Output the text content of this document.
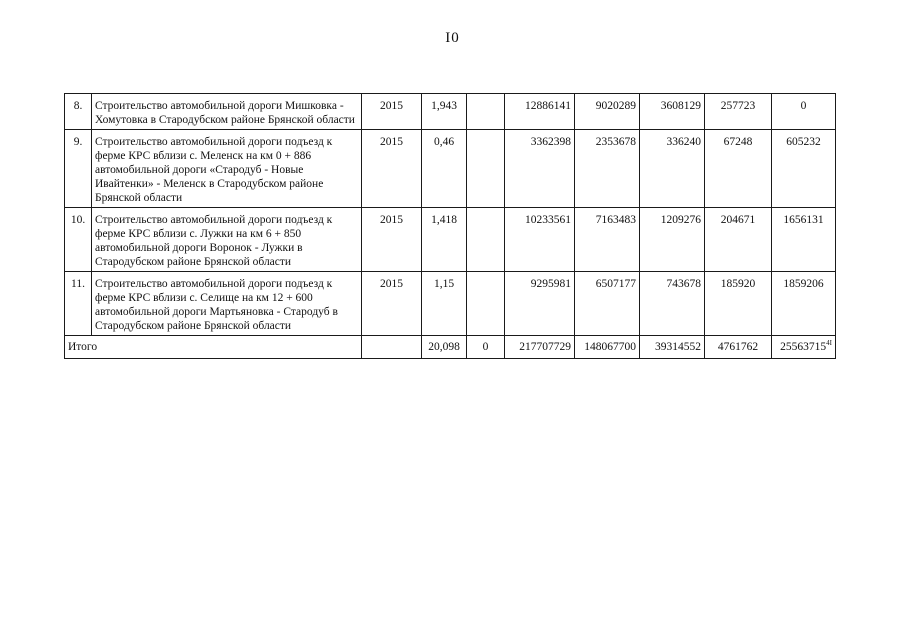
I0
8.	Строительство автомобильной дороги Мишковка - Хомутовка в Стародубском районе Брянской области	2015	1,943		12886141	9020289	3608129	257723	0
9.	Строительство автомобильной дороги подъезд к ферме КРС вблизи с. Меленск на км 0 + 886 автомобильной дороги «Стародуб - Новые Ивайтенки» - Меленск в Стародубском районе Брянской области	2015	0,46		3362398	2353678	336240	67248	605232
10.	Строительство автомобильной дороги подъезд к ферме КРС вблизи с. Лужки на км 6 + 850 автомобильной дороги Воронок - Лужки в Стародубском районе Брянской области	2015	1,418		10233561	7163483	1209276	204671	1656131
11.	Строительство автомобильной дороги подъезд к ферме КРС вблизи с. Селище на км 12 + 600 автомобильной дороги Мартьяновка - Стародуб в Стародубском районе Брянской области	2015	1,15		9295981	6507177	743678	185920	1859206
Итого			20,098	0	217707729	148067700	39314552	4761762	$25563715^{4I}$
